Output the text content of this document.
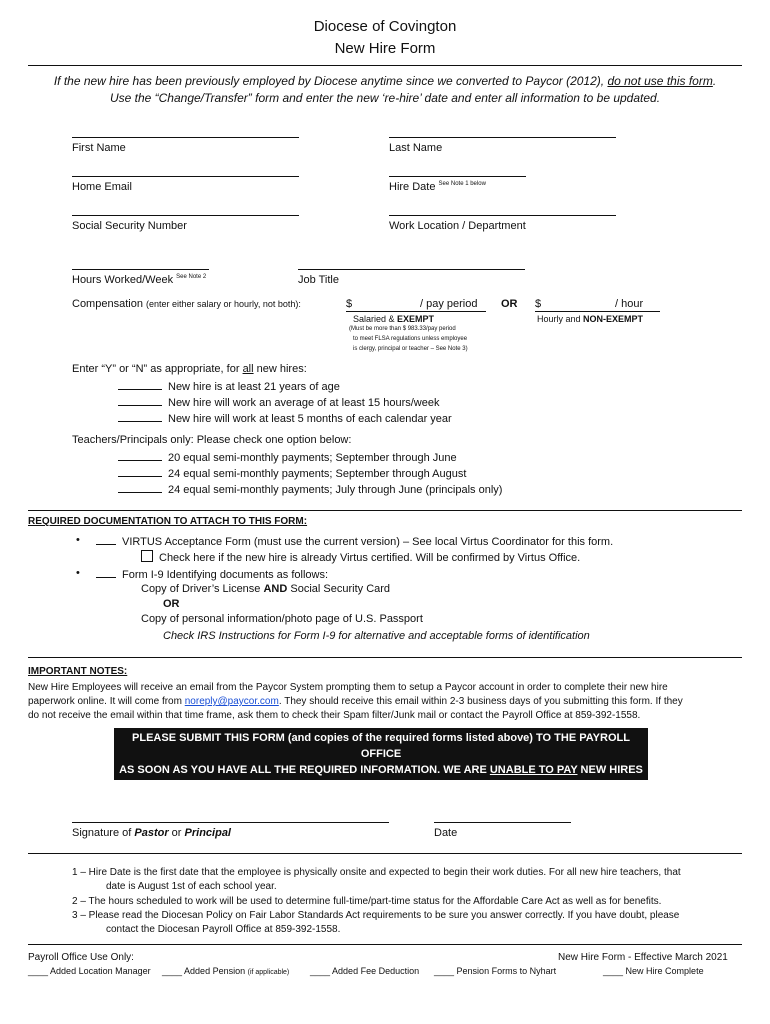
Diocese of Covington
New Hire Form
If the new hire has been previously employed by Diocese anytime since we converted to Paycor (2012), do not use this form.
Use the “Change/Transfer” form and enter the new ‘re-hire’ date and enter all information to be updated.
First Name	Last Name
Home Email	Hire Date $^{See Note 1 below}$
Social Security Number	Work Location / Department
Hours Worked/Week $^{See Note 2}$	Job Title
Compensation (enter either salary or hourly, not both):	$	/ pay period OR $	/ hour
Salaried & EXEMPT
(Must be more than $ 983.33/pay period
to meet FLSA regulations unless employee
is clergy, principal or teacher – See Note 3)
Hourly and NON-EXEMPT
Enter “Y” or “N” as appropriate, for all new hires:
New hire is at least 21 years of age
New hire will work an average of at least 15 hours/week
New hire will work at least 5 months of each calendar year
Teachers/Principals only: Please check one option below:
20 equal semi-monthly payments; September through June
24 equal semi-monthly payments; September through August
24 equal semi-monthly payments; July through June (principals only)
REQUIRED DOCUMENTATION TO ATTACH TO THIS FORM:
•	VIRTUS Acceptance Form (must use the current version) – See local Virtus Coordinator for this form.
Check here if the new hire is already Virtus certified. Will be confirmed by Virtus Office.
•	Form I-9 Identifying documents as follows:
Copy of Driver’s License AND Social Security Card
OR
Copy of personal information/photo page of U.S. Passport
Check IRS Instructions for Form I-9 for alternative and acceptable forms of identification
IMPORTANT NOTES:
New Hire Employees will receive an email from the Paycor System prompting them to setup a Paycor account in order to complete their new hire
paperwork online. It will come from noreply@paycor.com. They should receive this email within 2-3 business days of you submitting this form. If they
do not receive the email within that time frame, ask them to check their Spam filter/Junk mail or contact the Payroll Office at 859-392-1558.
PLEASE SUBMIT THIS FORM (and copies of the required forms listed above) TO THE PAYROLL OFFICE
AS SOON AS YOU HAVE ALL THE REQUIRED INFORMATION. WE ARE UNABLE TO PAY NEW HIRES
UNTIL ALL REQUESTED FORMS HAVE BEEN COMPLETED AND SUBMITTED THROUGH PAYCOR.
Signature of Pastor or Principal	Date
1 – Hire Date is the first date that the employee is physically onsite and expected to begin their work duties. For all new hire teachers, that
date is August 1st of each school year.
2 – The hours scheduled to work will be used to determine full-time/part-time status for the Affordable Care Act as well as for benefits.
3 – Please read the Diocesan Policy on Fair Labor Standards Act requirements to be sure you answer correctly. If you have doubt, please
contact the Diocesan Payroll Office at 859-392-1558.
Payroll Office Use Only:	New Hire Form - Effective March 2021
____ Added Location Manager ____ Added Pension (if applicable) ____ Added Fee Deduction ____ Pension Forms to Nyhart	____ New Hire Complete
